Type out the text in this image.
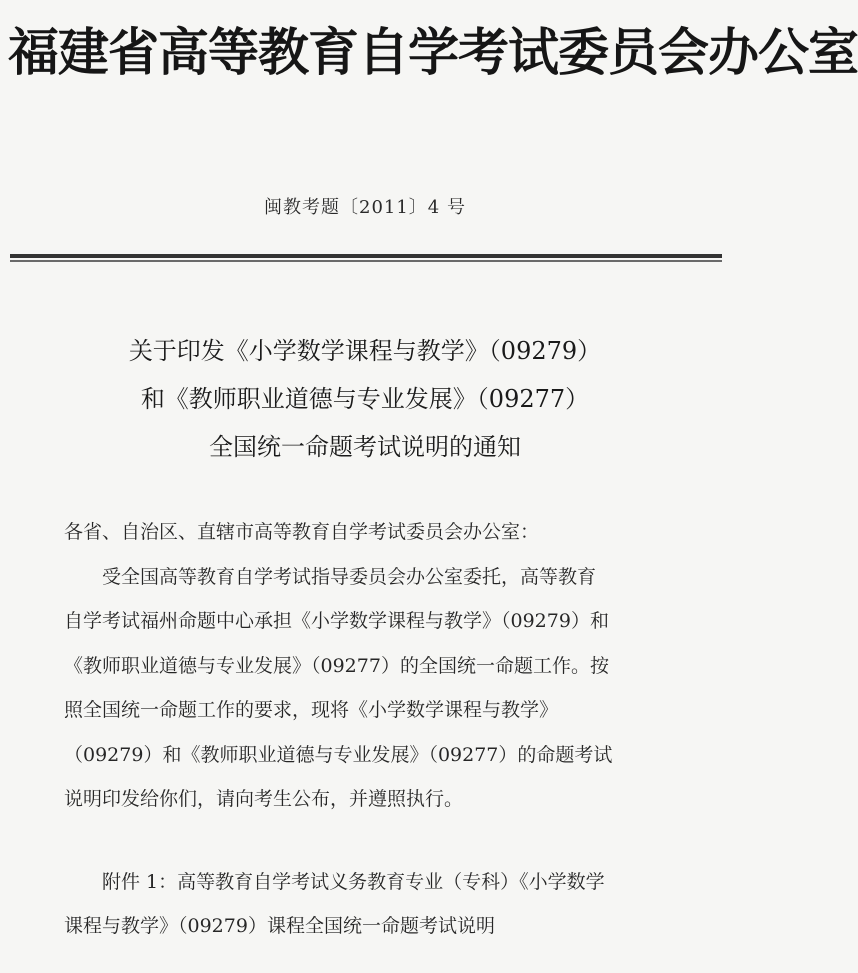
福建省高等教育自学考试委员会办公室
闽教考题〔2011〕4 号
关于印发《小学数学课程与教学》（09279）
和《教师职业道德与专业发展》（09277）
全国统一命题考试说明的通知
各省、自治区、直辖市高等教育自学考试委员会办公室：
　　受全国高等教育自学考试指导委员会办公室委托，高等教育
自学考试福州命题中心承担《小学数学课程与教学》（09279）和
《教师职业道德与专业发展》（09277）的全国统一命题工作。按
照全国统一命题工作的要求，现将《小学数学课程与教学》
（09279）和《教师职业道德与专业发展》（09277）的命题考试
说明印发给你们，请向考生公布，并遵照执行。
　　附件 1：高等教育自学考试义务教育专业（专科）《小学数学
课程与教学》（09279）课程全国统一命题考试说明
